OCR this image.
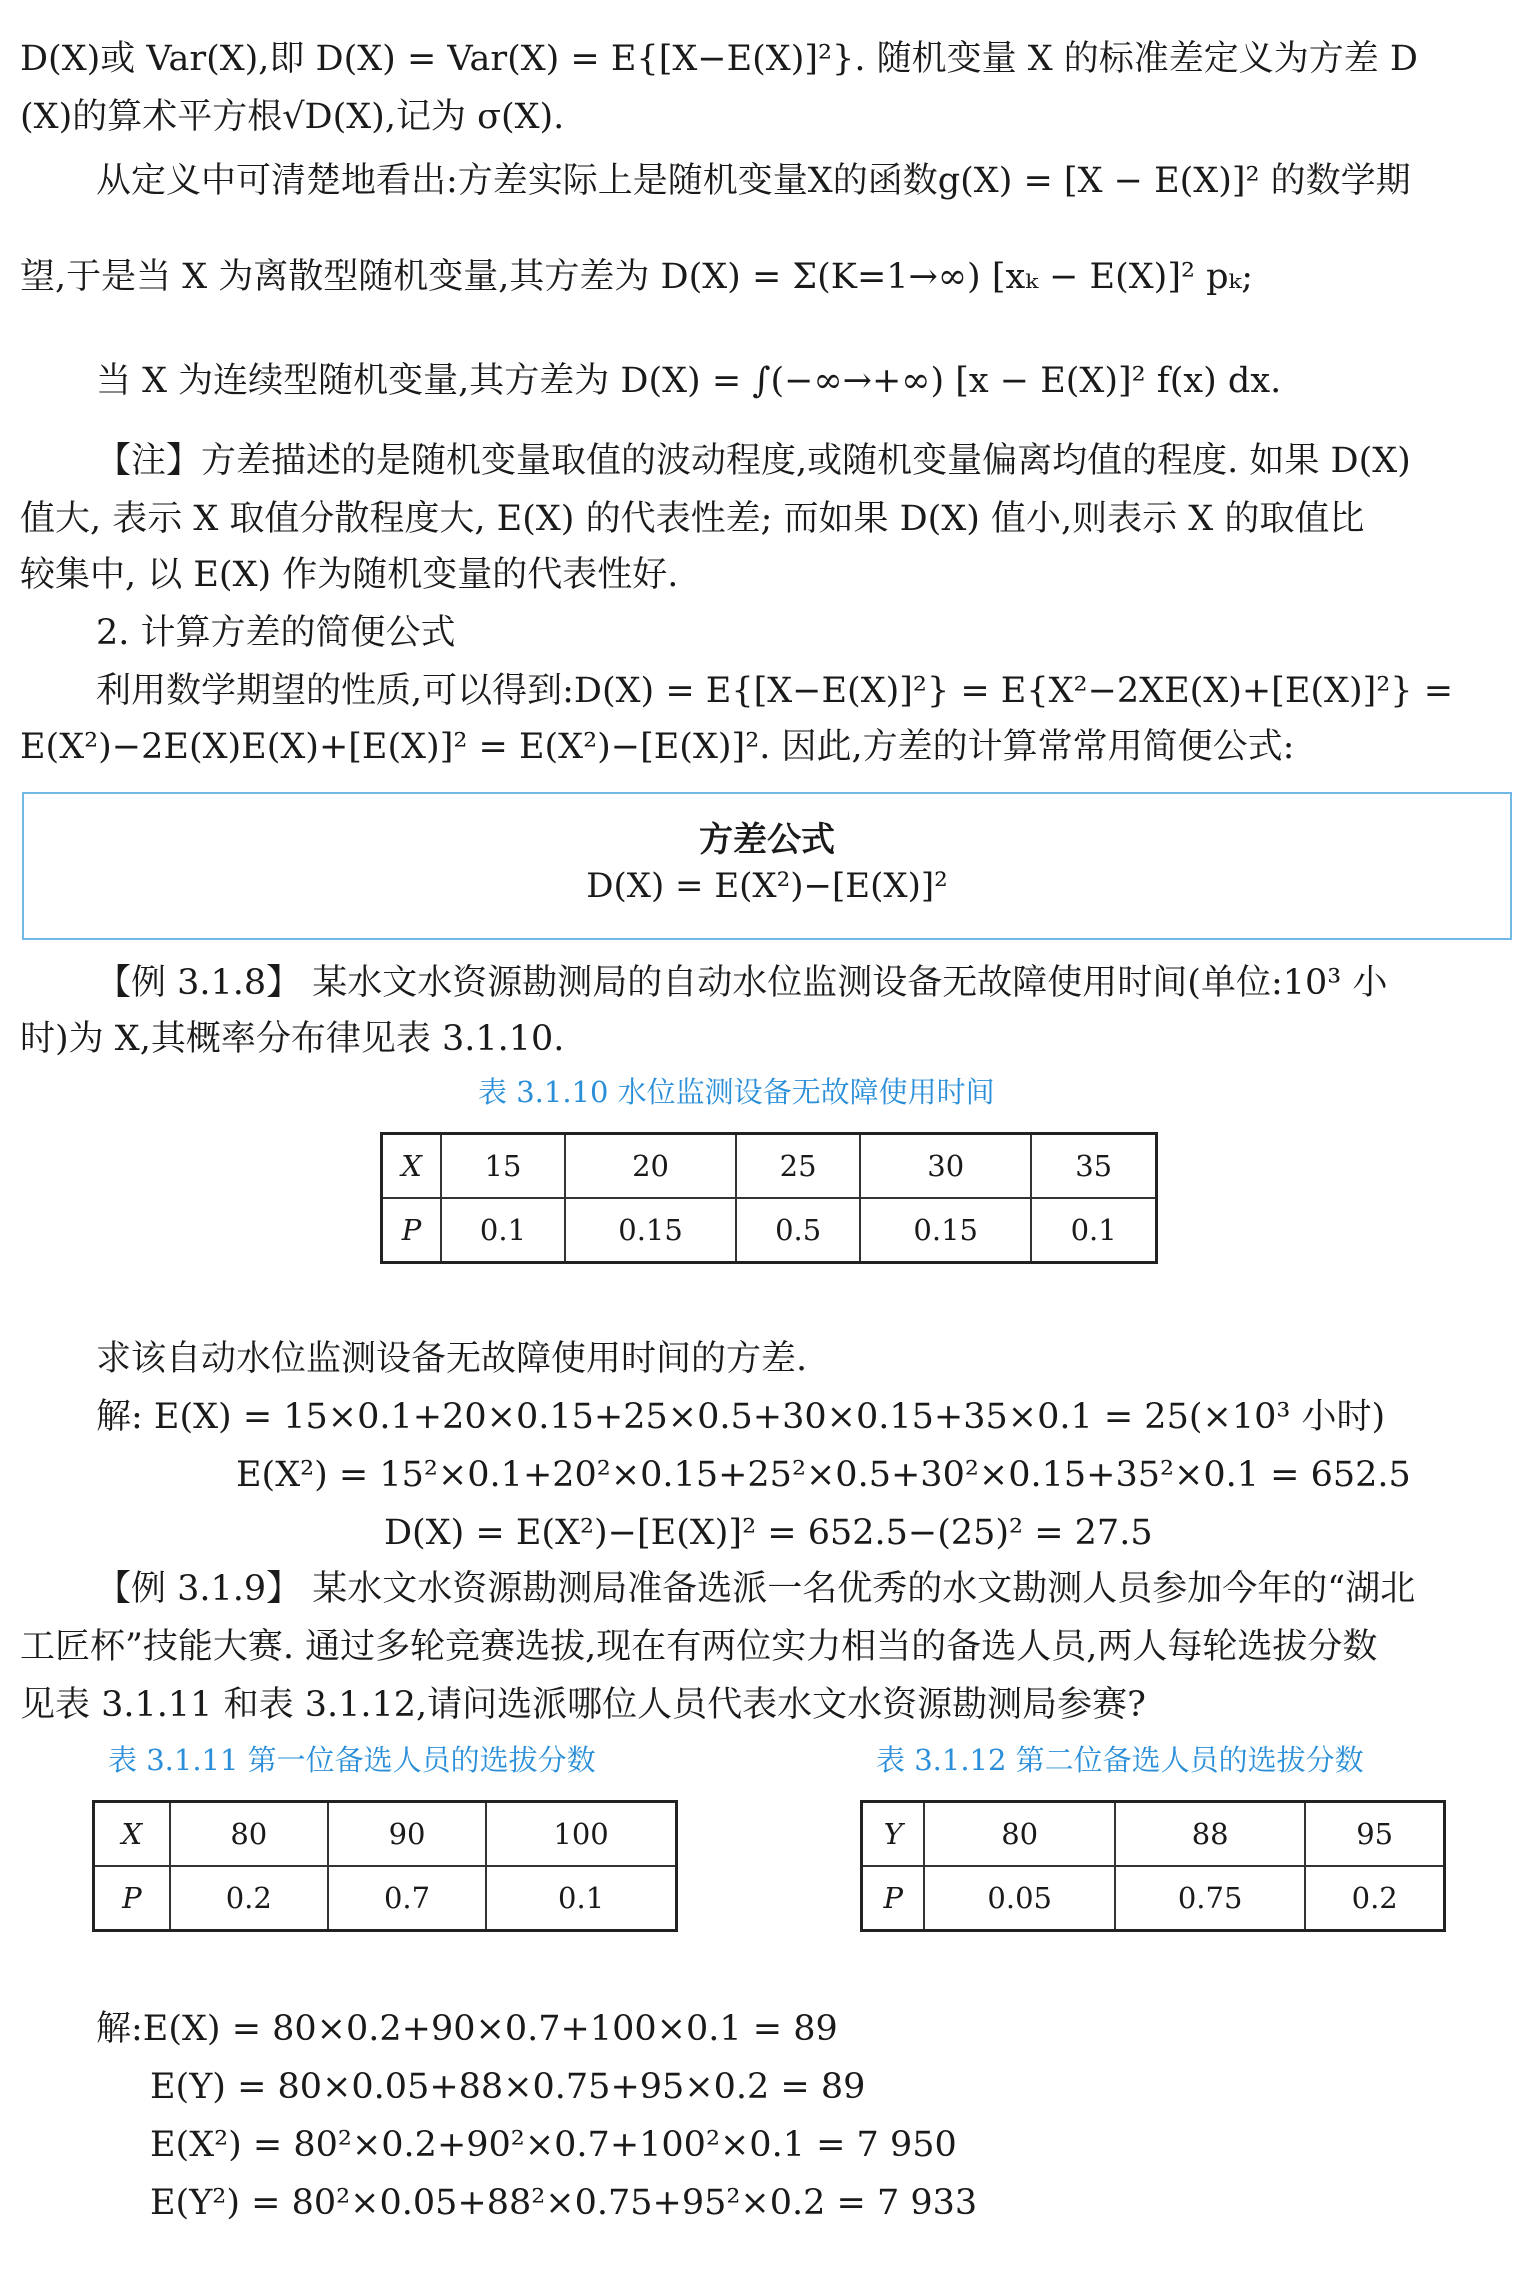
D(X)或 Var(X),即 D(X) = Var(X) = E{[X−E(X)]²}. 随机变量 X 的标准差定义为方差 D
(X)的算术平方根√D(X),记为 σ(X).
从定义中可清楚地看出:方差实际上是随机变量X的函数g(X) = [X − E(X)]² 的数学期
望,于是当 X 为离散型随机变量,其方差为 D(X) = Σ(K=1→∞) [xₖ − E(X)]² pₖ;
当 X 为连续型随机变量,其方差为 D(X) = ∫(−∞→+∞) [x − E(X)]² f(x) dx.
【注】方差描述的是随机变量取值的波动程度,或随机变量偏离均值的程度. 如果 D(X)
值大, 表示 X 取值分散程度大, E(X) 的代表性差; 而如果 D(X) 值小,则表示 X 的取值比
较集中, 以 E(X) 作为随机变量的代表性好.
2. 计算方差的简便公式
利用数学期望的性质,可以得到:D(X) = E{[X−E(X)]²} = E{X²−2XE(X)+[E(X)]²} =
E(X²)−2E(X)E(X)+[E(X)]² = E(X²)−[E(X)]². 因此,方差的计算常常用简便公式:
方差公式
D(X) = E(X²)−[E(X)]²
【例 3.1.8】 某水文水资源勘测局的自动水位监测设备无故障使用时间(单位:10³ 小
时)为 X,其概率分布律见表 3.1.10.
表 3.1.10 水位监测设备无故障使用时间
X	15	20	25	30	35
P	0.1	0.15	0.5	0.15	0.1
求该自动水位监测设备无故障使用时间的方差.
解: E(X) = 15×0.1+20×0.15+25×0.5+30×0.15+35×0.1 = 25(×10³ 小时)
E(X²) = 15²×0.1+20²×0.15+25²×0.5+30²×0.15+35²×0.1 = 652.5
D(X) = E(X²)−[E(X)]² = 652.5−(25)² = 27.5
【例 3.1.9】 某水文水资源勘测局准备选派一名优秀的水文勘测人员参加今年的“湖北
工匠杯”技能大赛. 通过多轮竞赛选拔,现在有两位实力相当的备选人员,两人每轮选拔分数
见表 3.1.11 和表 3.1.12,请问选派哪位人员代表水文水资源勘测局参赛?
表 3.1.11 第一位备选人员的选拔分数	表 3.1.12 第二位备选人员的选拔分数
X	80	90	100
P	0.2	0.7	0.1
Y	80	88	95
P	0.05	0.75	0.2
解:E(X) = 80×0.2+90×0.7+100×0.1 = 89
E(Y) = 80×0.05+88×0.75+95×0.2 = 89
E(X²) = 80²×0.2+90²×0.7+100²×0.1 = 7 950
E(Y²) = 80²×0.05+88²×0.75+95²×0.2 = 7 933
